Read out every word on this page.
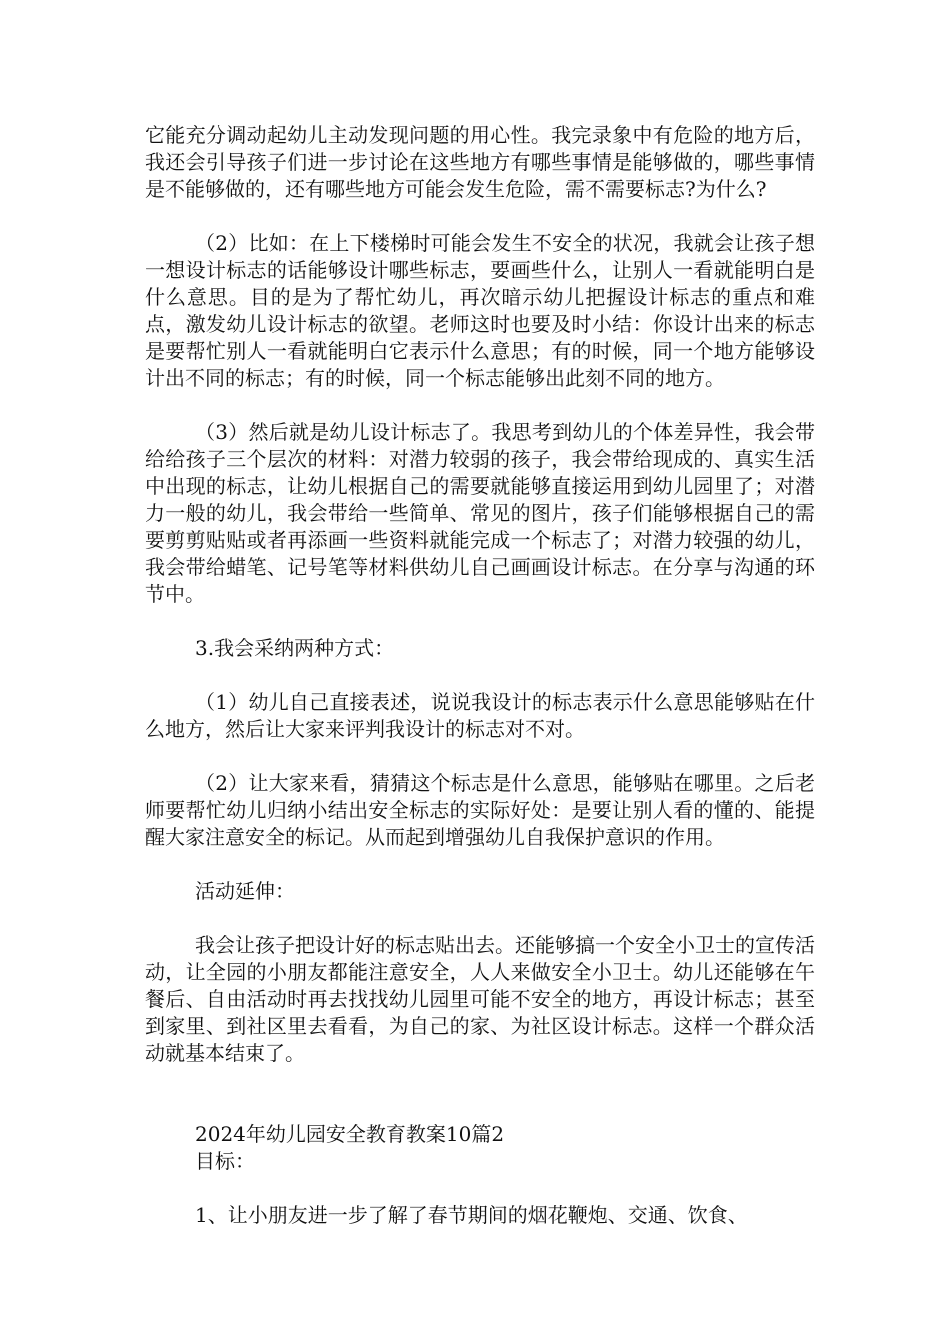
它能充分调动起幼儿主动发现问题的用心性。我完录象中有危险的地方后，我还会引导孩子们进一步讨论在这些地方有哪些事情是能够做的，哪些事情是不能够做的，还有哪些地方可能会发生危险，需不需要标志?为什么?

（2）比如：在上下楼梯时可能会发生不安全的状况，我就会让孩子想一想设计标志的话能够设计哪些标志，要画些什么，让别人一看就能明白是什么意思。目的是为了帮忙幼儿，再次暗示幼儿把握设计标志的重点和难点，激发幼儿设计标志的欲望。老师这时也要及时小结：你设计出来的标志是要帮忙别人一看就能明白它表示什么意思；有的时候，同一个地方能够设计出不同的标志；有的时候，同一个标志能够出此刻不同的地方。

（3）然后就是幼儿设计标志了。我思考到幼儿的个体差异性，我会带给给孩子三个层次的材料：对潜力较弱的孩子，我会带给现成的、真实生活中出现的标志，让幼儿根据自己的需要就能够直接运用到幼儿园里了；对潜力一般的幼儿，我会带给一些简单、常见的图片，孩子们能够根据自己的需要剪剪贴贴或者再添画一些资料就能完成一个标志了；对潜力较强的幼儿，我会带给蜡笔、记号笔等材料供幼儿自己画画设计标志。在分享与沟通的环节中。

3.我会采纳两种方式：

（1）幼儿自己直接表述，说说我设计的标志表示什么意思能够贴在什么地方，然后让大家来评判我设计的标志对不对。

（2）让大家来看，猜猜这个标志是什么意思，能够贴在哪里。之后老师要帮忙幼儿归纳小结出安全标志的实际好处：是要让别人看的懂的、能提醒大家注意安全的标记。从而起到增强幼儿自我保护意识的作用。

活动延伸：

我会让孩子把设计好的标志贴出去。还能够搞一个安全小卫士的宣传活动，让全园的小朋友都能注意安全，人人来做安全小卫士。幼儿还能够在午餐后、自由活动时再去找找幼儿园里可能不安全的地方，再设计标志；甚至到家里、到社区里去看看，为自己的家、为社区设计标志。这样一个群众活动就基本结束了。

2024年幼儿园安全教育教案10篇2

目标：

1、让小朋友进一步了解了春节期间的烟花鞭炮、交通、饮食、
